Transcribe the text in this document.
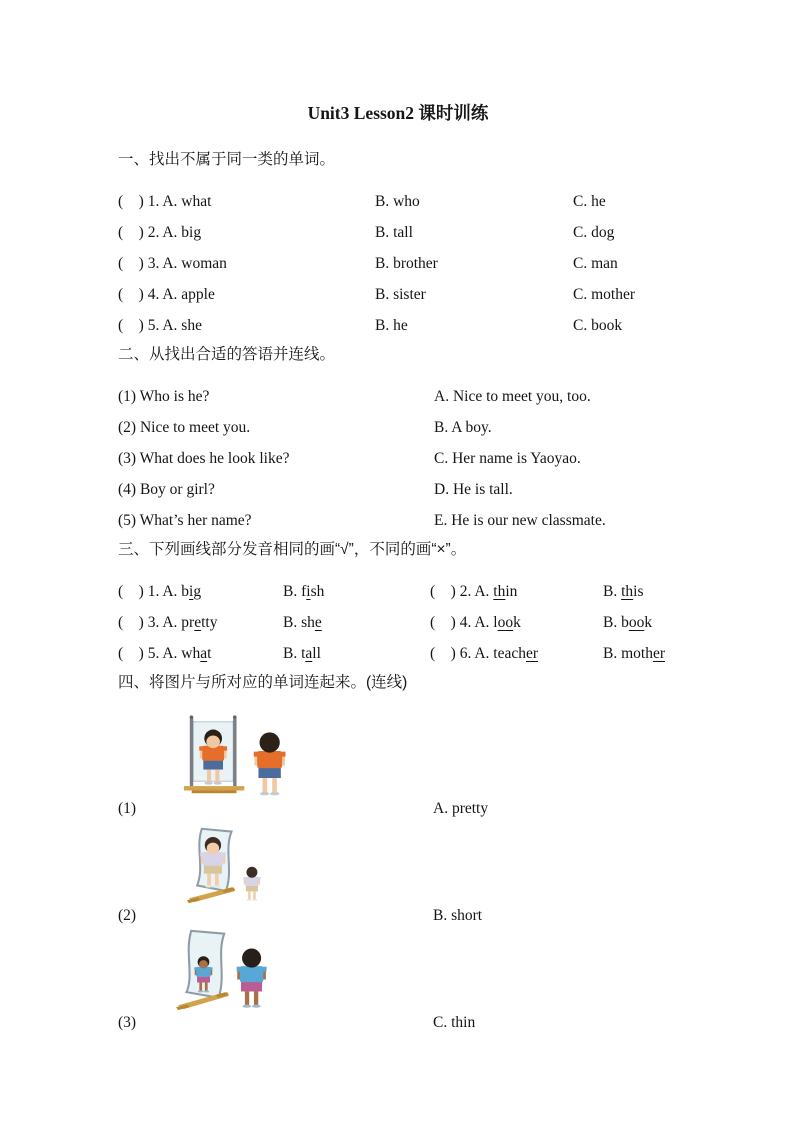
Unit3 Lesson2 课时训练
一、找出不属于同一类的单词。
(    ) 1. A. what	B. who	C. he
(    ) 2. A. big	B. tall	C. dog
(    ) 3. A. woman	B. brother	C. man
(    ) 4. A. apple	B. sister	C. mother
(    ) 5. A. she	B. he	C. book
二、从找出合适的答语并连线。
(1) Who is he?	A. Nice to meet you, too.
(2) Nice to meet you.	B. A boy.
(3) What does he look like?	C. Her name is Yaoyao.
(4) Boy or girl?	D. He is tall.
(5) What’s her name?	E. He is our new classmate.
三、下列画线部分发音相同的画“√”，不同的画“×”。
(    ) 1. A. big	B. fish	(    ) 2. A. thin	B. this
(    ) 3. A. pretty	B. she	(    ) 4. A. look	B. book
(    ) 5. A. what	B. tall	(    ) 6. A. teacher	B. mother
四、将图片与所对应的单词连起来。(连线)
(1)	A. pretty
(2)	B. short
(3)	C. thin
